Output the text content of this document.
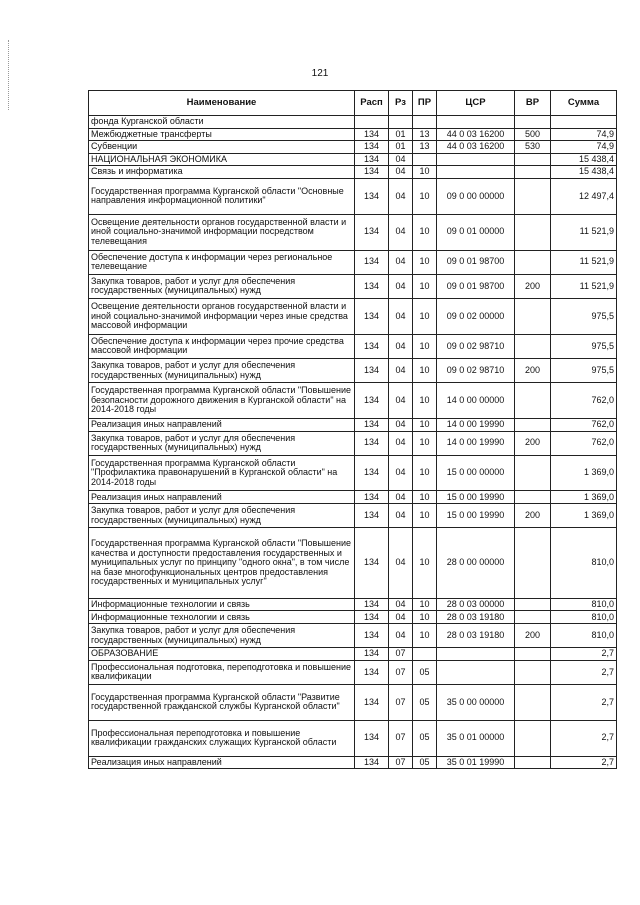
121
Наименование	Расп	Рз	ПР	ЦСР	ВР	Сумма
фонда Курганской области						
Межбюджетные трансферты	134	01	13	44 0 03 16200	500	74,9
Субвенции	134	01	13	44 0 03 16200	530	74,9
НАЦИОНАЛЬНАЯ ЭКОНОМИКА	134	04				15 438,4
Связь и информатика	134	04	10			15 438,4
Государственная программа Курганской области "Основные направления информационной политики"	134	04	10	09 0 00 00000		12 497,4
Освещение деятельности органов государственной власти и иной социально-значимой информации посредством телевещания	134	04	10	09 0 01 00000		11 521,9
Обеспечение доступа к информации через региональное телевещание	134	04	10	09 0 01 98700		11 521,9
Закупка товаров, работ и услуг для обеспечения государственных (муниципальных) нужд	134	04	10	09 0 01 98700	200	11 521,9
Освещение деятельности органов государственной власти и иной социально-значимой информации через иные средства массовой информации	134	04	10	09 0 02 00000		975,5
Обеспечение доступа к информации через прочие средства массовой информации	134	04	10	09 0 02 98710		975,5
Закупка товаров, работ и услуг для обеспечения государственных (муниципальных) нужд	134	04	10	09 0 02 98710	200	975,5
Государственная программа Курганской области "Повышение безопасности дорожного движения в Курганской области" на 2014-2018 годы	134	04	10	14 0 00 00000		762,0
Реализация иных направлений	134	04	10	14 0 00 19990		762,0
Закупка товаров, работ и услуг для обеспечения государственных (муниципальных) нужд	134	04	10	14 0 00 19990	200	762,0
Государственная программа Курганской области "Профилактика правонарушений в Курганской области" на 2014-2018 годы	134	04	10	15 0 00 00000		1 369,0
Реализация иных направлений	134	04	10	15 0 00 19990		1 369,0
Закупка товаров, работ и услуг для обеспечения государственных (муниципальных) нужд	134	04	10	15 0 00 19990	200	1 369,0
Государственная программа Курганской области "Повышение качества и доступности предоставления государственных и муниципальных услуг по принципу "одного окна", в том числе на базе многофункциональных центров предоставления государственных и муниципальных услуг"	134	04	10	28 0 00 00000		810,0
Информационные технологии и связь	134	04	10	28 0 03 00000		810,0
Информационные технологии и связь	134	04	10	28 0 03 19180		810,0
Закупка товаров, работ и услуг для обеспечения государственных (муниципальных) нужд	134	04	10	28 0 03 19180	200	810,0
ОБРАЗОВАНИЕ	134	07				2,7
Профессиональная подготовка, переподготовка и повышение квалификации	134	07	05			2,7
Государственная программа Курганской области "Развитие государственной гражданской службы Курганской области"	134	07	05	35 0 00 00000		2,7
Профессиональная переподготовка и повышение квалификации гражданских служащих Курганской области	134	07	05	35 0 01 00000		2,7
Реализация иных направлений	134	07	05	35 0 01 19990		2,7
